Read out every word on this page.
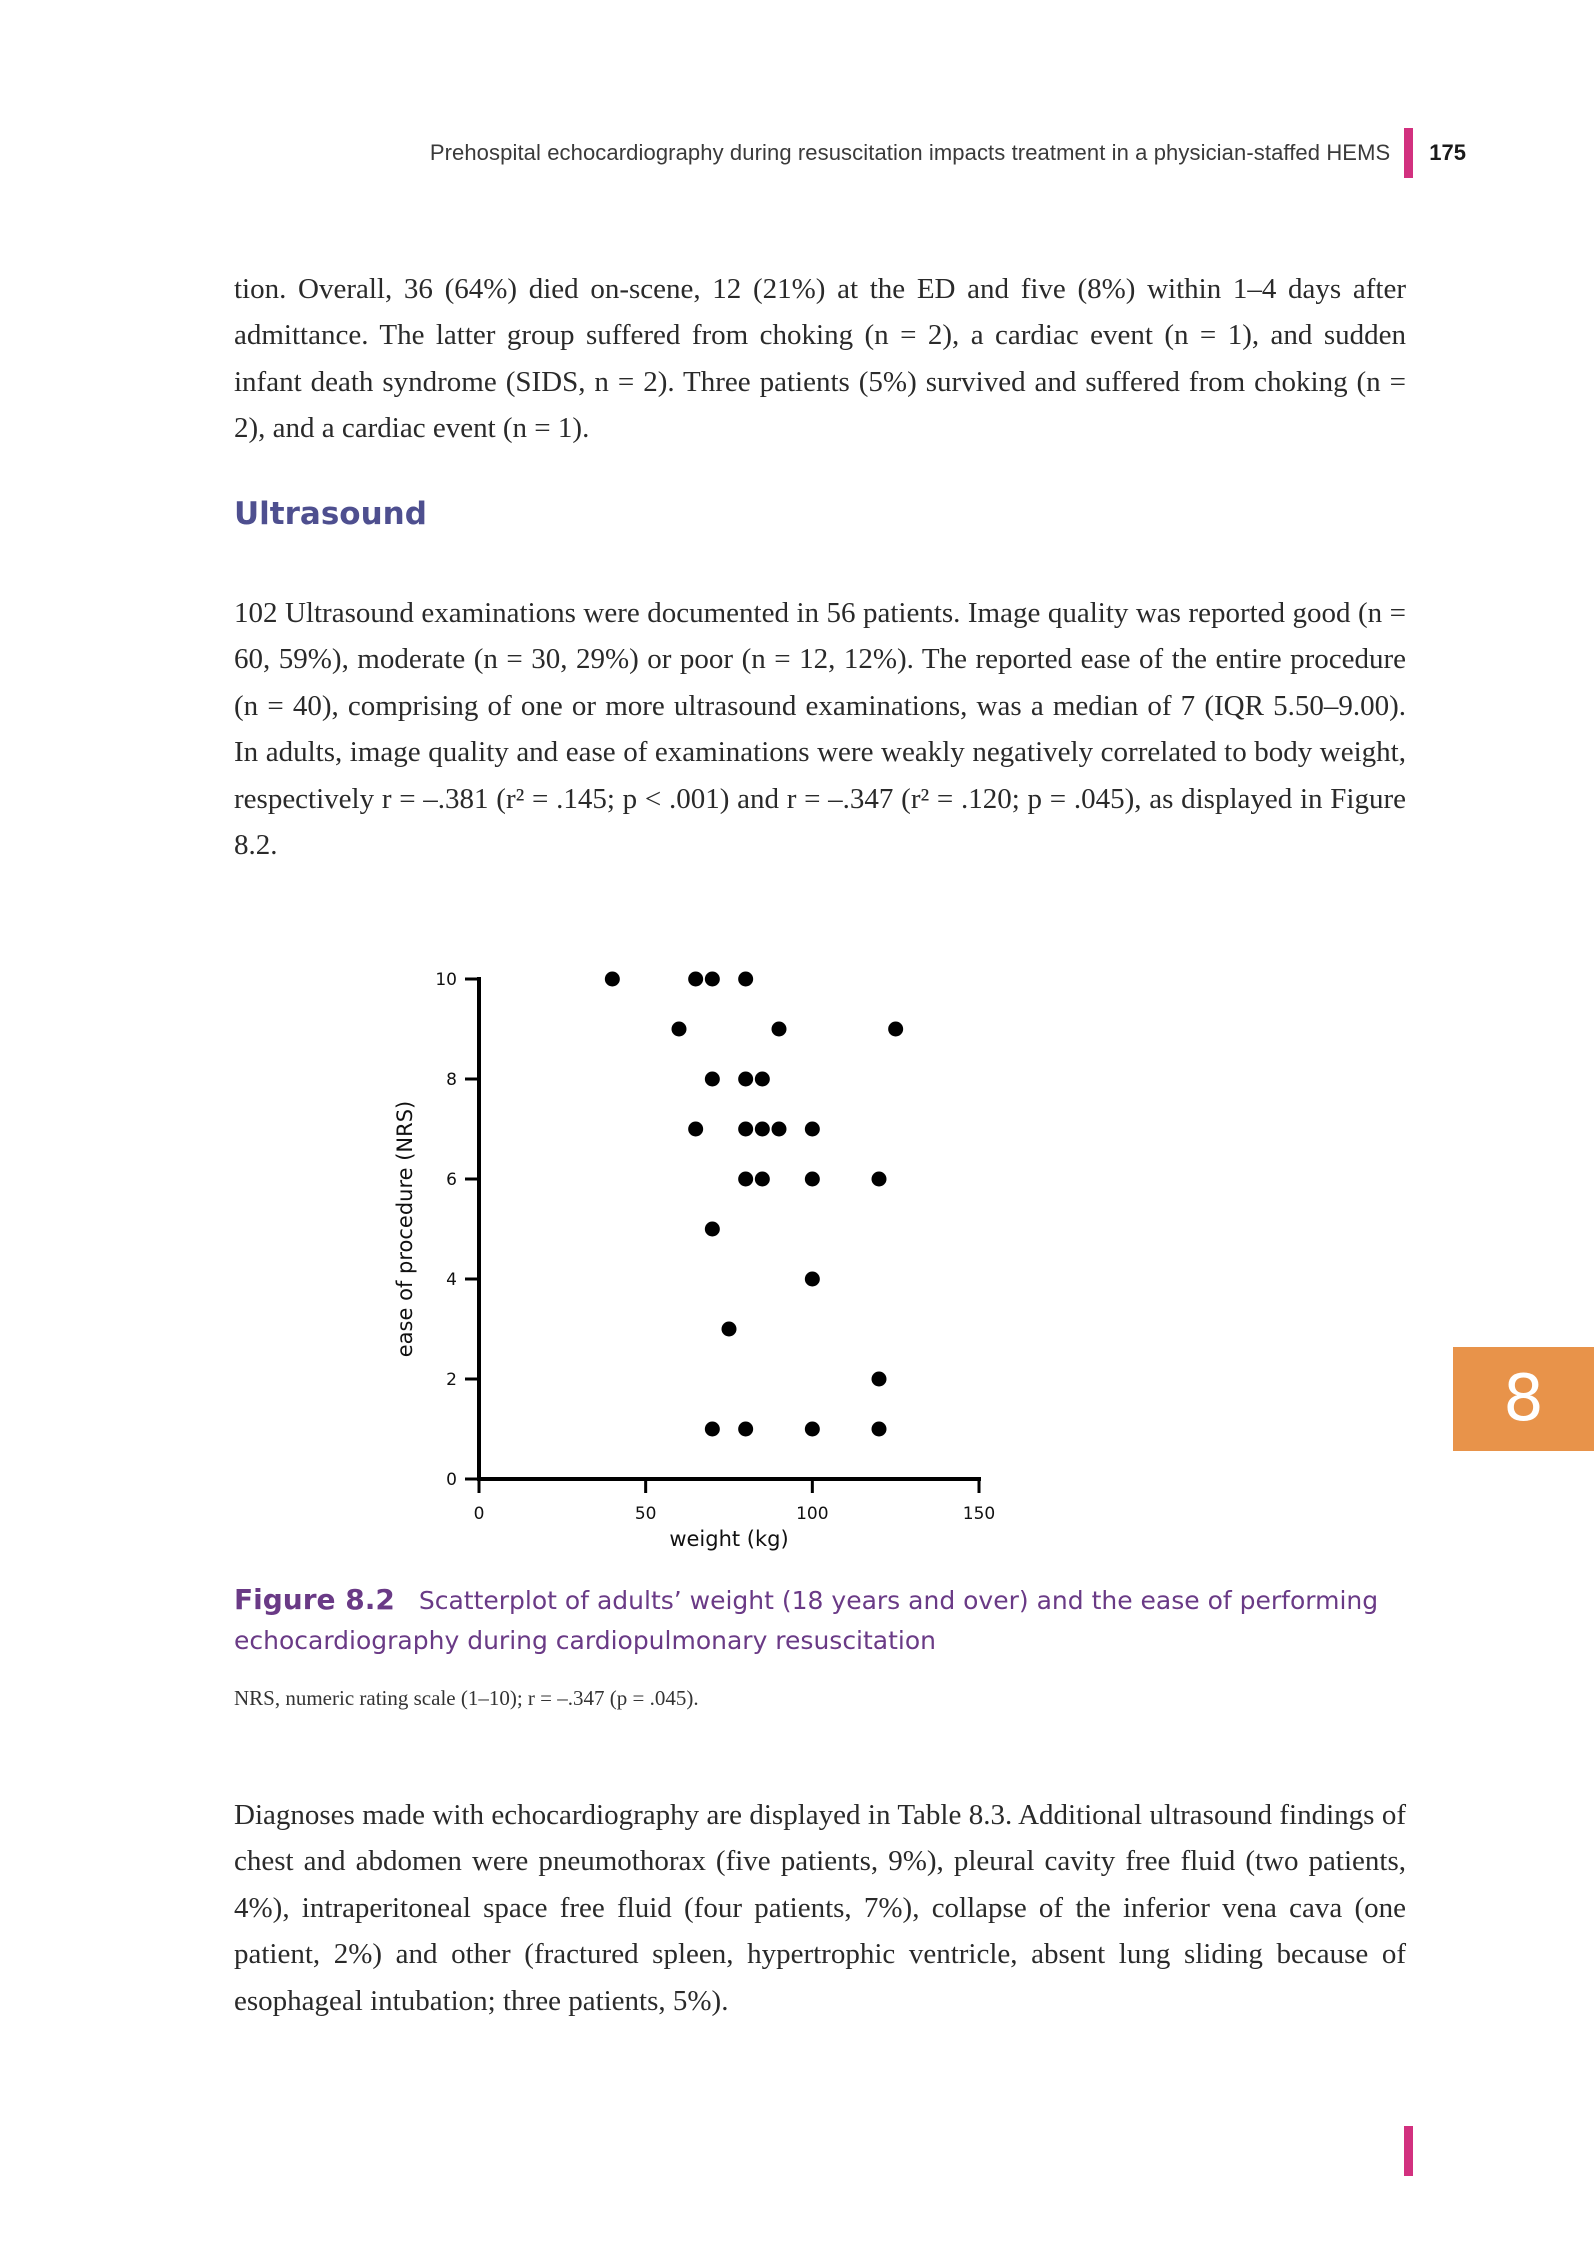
Prehospital echocardiography during resuscitation impacts treatment in a physician-staffed HEMS 175

tion. Overall, 36 (64%) died on-scene, 12 (21%) at the ED and five (8%) within 1–4 days after admittance. The latter group suffered from choking (n = 2), a cardiac event (n = 1), and sudden infant death syndrome (SIDS, n = 2). Three patients (5%) survived and suffered from choking (n = 2), and a cardiac event (n = 1).

Ultrasound

102 Ultrasound examinations were documented in 56 patients. Image quality was reported good (n = 60, 59%), moderate (n = 30, 29%) or poor (n = 12, 12%). The reported ease of the entire procedure (n = 40), comprising of one or more ultrasound examinations, was a median of 7 (IQR 5.50–9.00). In adults, image quality and ease of examinations were weakly negatively correlated to body weight, respectively r = –.381 (r² = .145; p < .001) and r = –.347 (r² = .120; p = .045), as displayed in Figure 8.2.

0
2
4
6
8
10
0	50	100	150
weight (kg)
ease of procedure (NRS)

Figure 8.2 Scatterplot of adults’ weight (18 years and over) and the ease of performing echocardiography during cardiopulmonary resuscitation

NRS, numeric rating scale (1–10); r = –.347 (p = .045).

Diagnoses made with echocardiography are displayed in Table 8.3. Additional ultrasound findings of chest and abdomen were pneumothorax (five patients, 9%), pleural cavity free fluid (two patients, 4%), intraperitoneal space free fluid (four patients, 7%), collapse of the inferior vena cava (one patient, 2%) and other (fractured spleen, hypertrophic ventricle, absent lung sliding because of esophageal intubation; three patients, 5%).

8
